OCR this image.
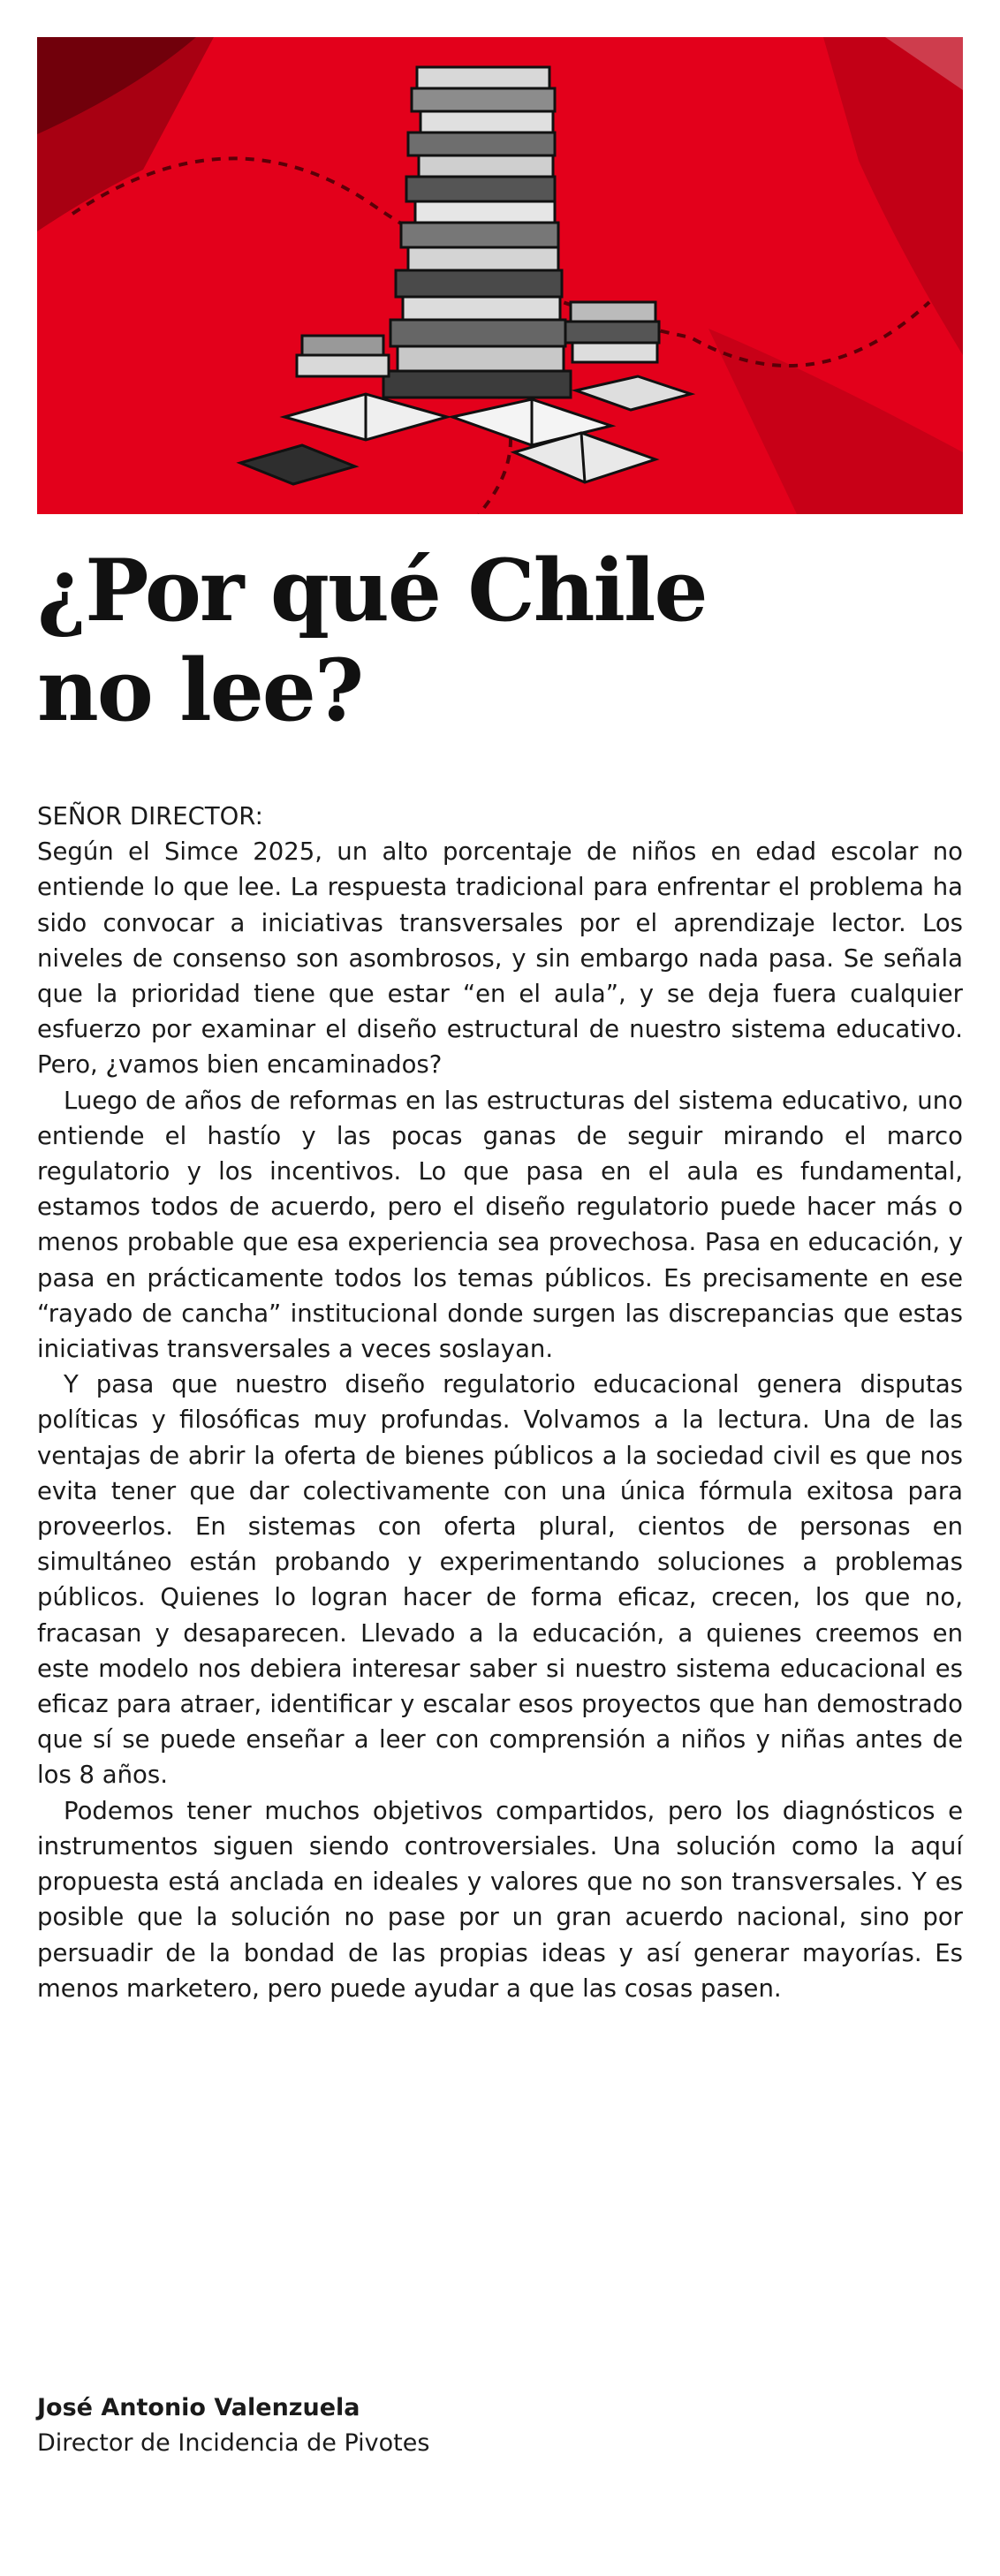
¿Por qué Chile
no lee?

SEÑOR DIRECTOR:

Según el Simce 2025, un alto porcentaje de niños en edad escolar no entiende lo que lee. La respuesta tradicional para enfrentar el problema ha sido convocar a iniciativas transversales por el aprendizaje lector. Los niveles de consenso son asombrosos, y sin embargo nada pasa. Se señala que la prioridad tiene que estar “en el aula”, y se deja fuera cualquier esfuerzo por examinar el diseño estructural de nuestro sistema educativo. Pero, ¿vamos bien encaminados?

Luego de años de reformas en las estructuras del sistema educativo, uno entiende el hastío y las pocas ganas de seguir mirando el marco regulatorio y los incentivos. Lo que pasa en el aula es fundamental, estamos todos de acuerdo, pero el diseño regulatorio puede hacer más o menos probable que esa experiencia sea provechosa. Pasa en educación, y pasa en prácticamente todos los temas públicos. Es precisamente en ese “rayado de cancha” institucional donde surgen las discrepancias que estas iniciativas transversales a veces soslayan.

Y pasa que nuestro diseño regulatorio educacional genera disputas políticas y filosóficas muy profundas. Volvamos a la lectura. Una de las ventajas de abrir la oferta de bienes públicos a la sociedad civil es que nos evita tener que dar colectivamente con una única fórmula exitosa para proveerlos. En sistemas con oferta plural, cientos de personas en simultáneo están probando y experimentando soluciones a problemas públicos. Quienes lo logran hacer de forma eficaz, crecen, los que no, fracasan y desaparecen. Llevado a la educación, a quienes creemos en este modelo nos debiera interesar saber si nuestro sistema educacional es eficaz para atraer, identificar y escalar esos proyectos que han demostrado que sí se puede enseñar a leer con comprensión a niños y niñas antes de los 8 años.

Podemos tener muchos objetivos compartidos, pero los diagnósticos e instrumentos siguen siendo controversiales. Una solución como la aquí propuesta está anclada en ideales y valores que no son transversales. Y es posible que la solución no pase por un gran acuerdo nacional, sino por persuadir de la bondad de las propias ideas y así generar mayorías. Es menos marketero, pero puede ayudar a que las cosas pasen.

José Antonio Valenzuela
Director de Incidencia de Pivotes
